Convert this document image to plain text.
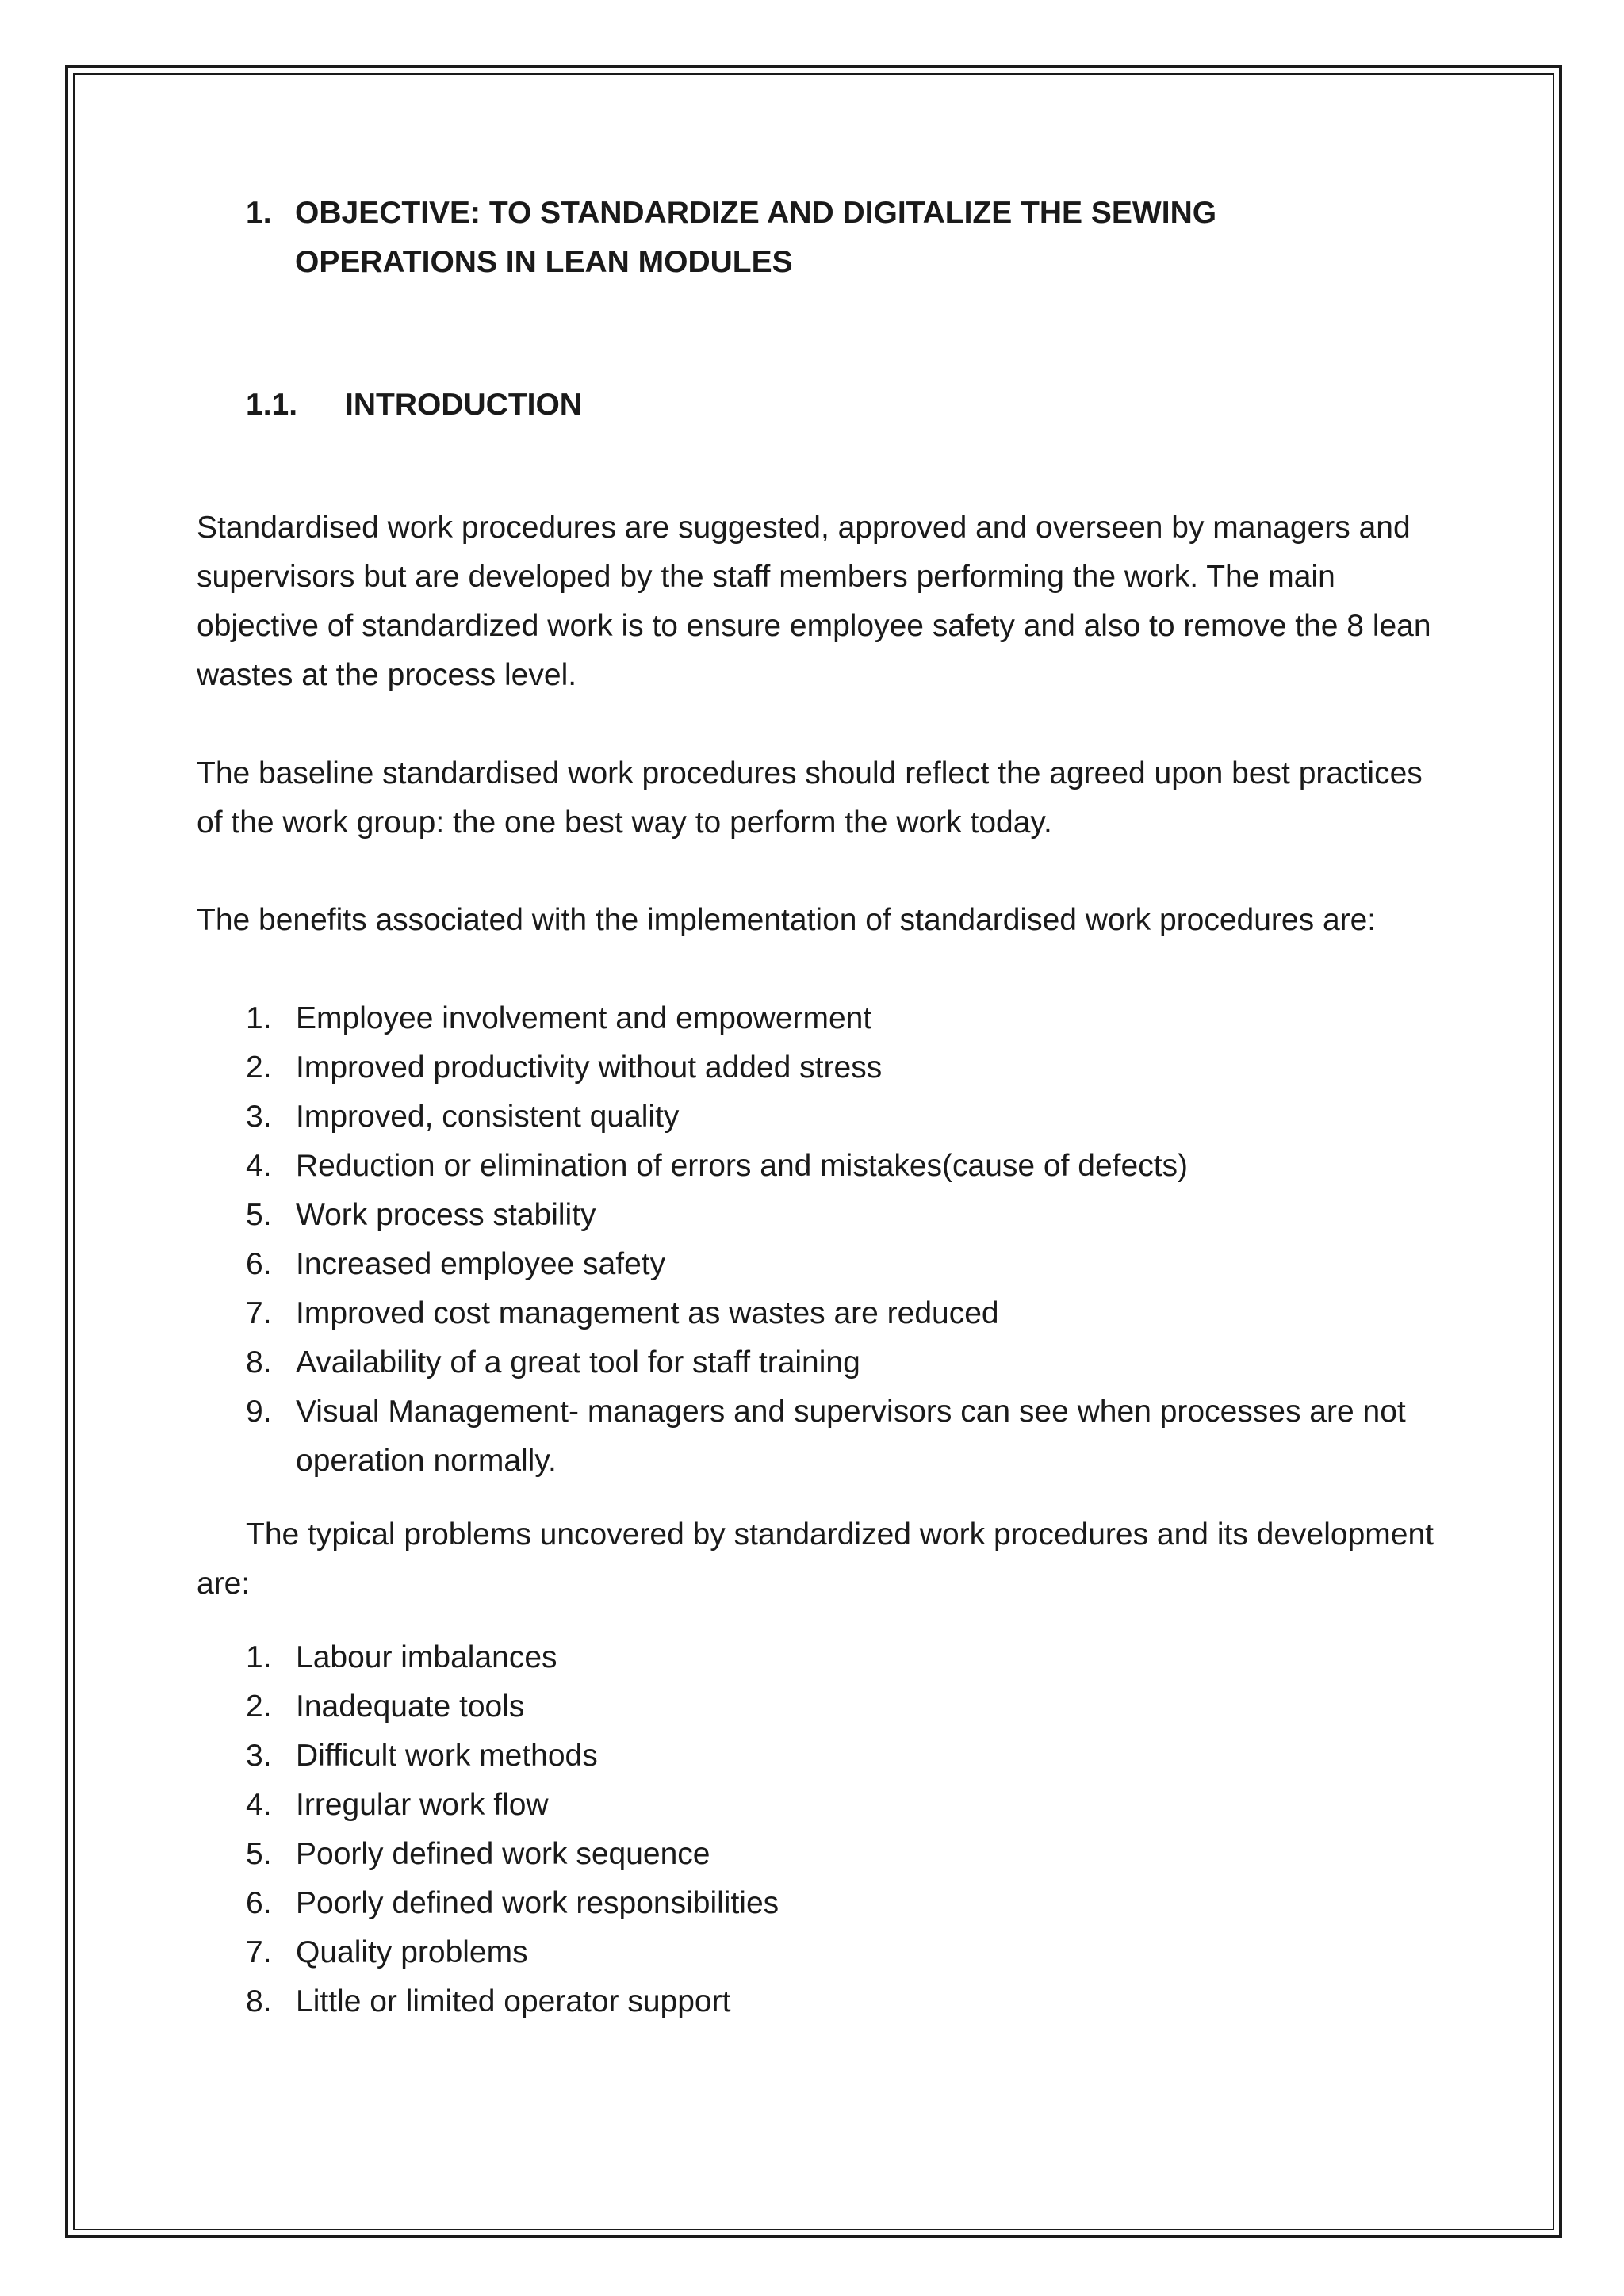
1. OBJECTIVE: TO STANDARDIZE AND DIGITALIZE THE SEWING OPERATIONS IN LEAN MODULES
1.1. INTRODUCTION
Standardised work procedures are suggested, approved and overseen by managers and supervisors but are developed by the staff members performing the work. The main objective of standardized work is to ensure employee safety and also to remove the 8 lean wastes at the process level.
The baseline standardised work procedures should reflect the agreed upon best practices of the work group: the one best way to perform the work today.
The benefits associated with the implementation of standardised work procedures are:
1. Employee involvement and empowerment
2. Improved productivity without added stress
3. Improved, consistent quality
4. Reduction or elimination of errors and mistakes(cause of defects)
5. Work process stability
6. Increased employee safety
7. Improved cost management as wastes are reduced
8. Availability of a great tool for staff training
9. Visual Management- managers and supervisors can see when processes are not operation normally.
The typical problems uncovered by standardized work procedures and its development are:
1. Labour imbalances
2. Inadequate tools
3. Difficult work methods
4. Irregular work flow
5. Poorly defined work sequence
6. Poorly defined work responsibilities
7. Quality problems
8. Little or limited operator support
